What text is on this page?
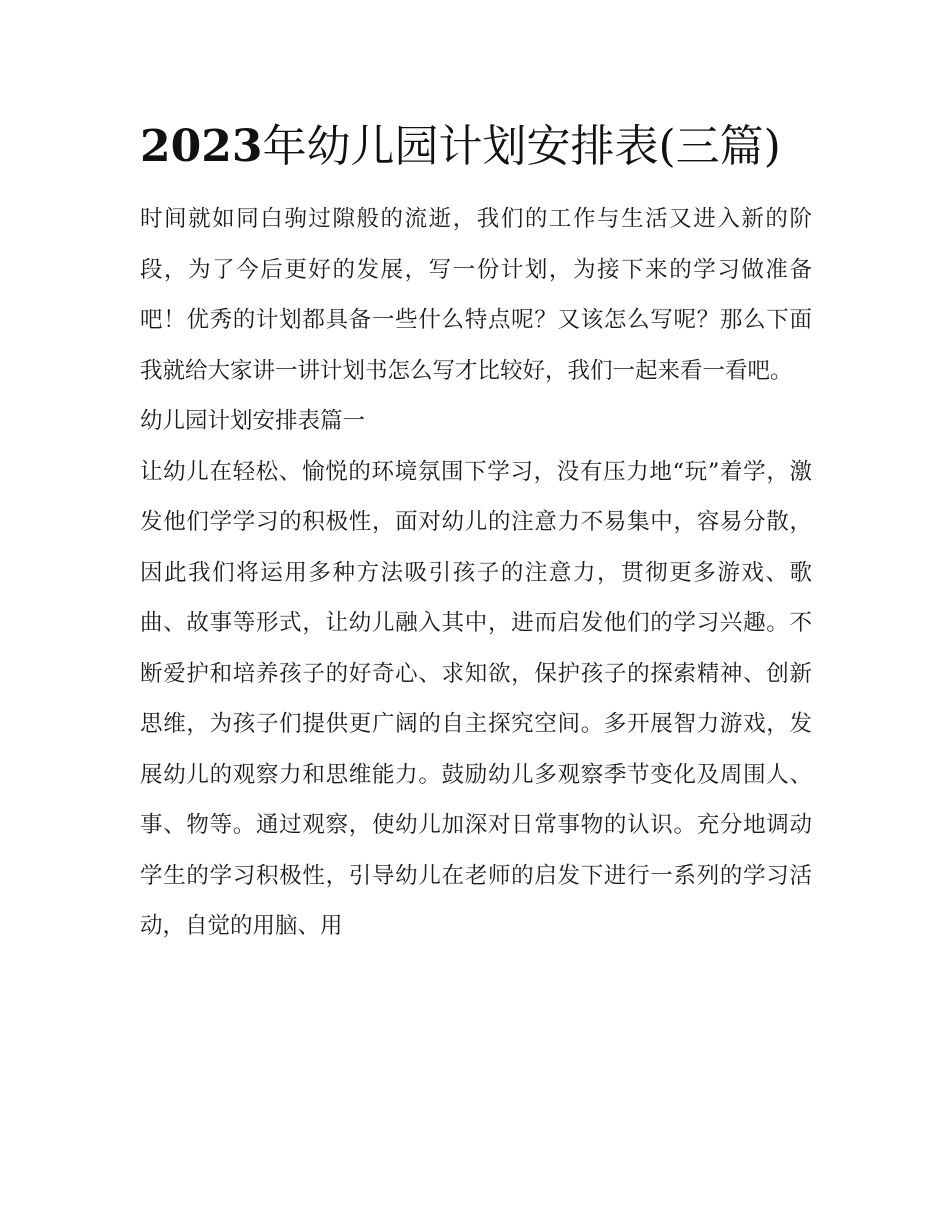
2023年幼儿园计划安排表(三篇)

时间就如同白驹过隙般的流逝，我们的工作与生活又进入新的阶段，为了今后更好的发展，写一份计划，为接下来的学习做准备吧！优秀的计划都具备一些什么特点呢？又该怎么写呢？那么下面我就给大家讲一讲计划书怎么写才比较好，我们一起来看一看吧。

幼儿园计划安排表篇一

让幼儿在轻松、愉悦的环境氛围下学习，没有压力地“玩”着学，激发他们学学习的积极性，面对幼儿的注意力不易集中，容易分散，因此我们将运用多种方法吸引孩子的注意力，贯彻更多游戏、歌曲、故事等形式，让幼儿融入其中，进而启发他们的学习兴趣。不断爱护和培养孩子的好奇心、求知欲，保护孩子的探索精神、创新思维，为孩子们提供更广阔的自主探究空间。多开展智力游戏，发展幼儿的观察力和思维能力。鼓励幼儿多观察季节变化及周围人、事、物等。通过观察，使幼儿加深对日常事物的认识。充分地调动学生的学习积极性，引导幼儿在老师的启发下进行一系列的学习活动，自觉的用脑、用
